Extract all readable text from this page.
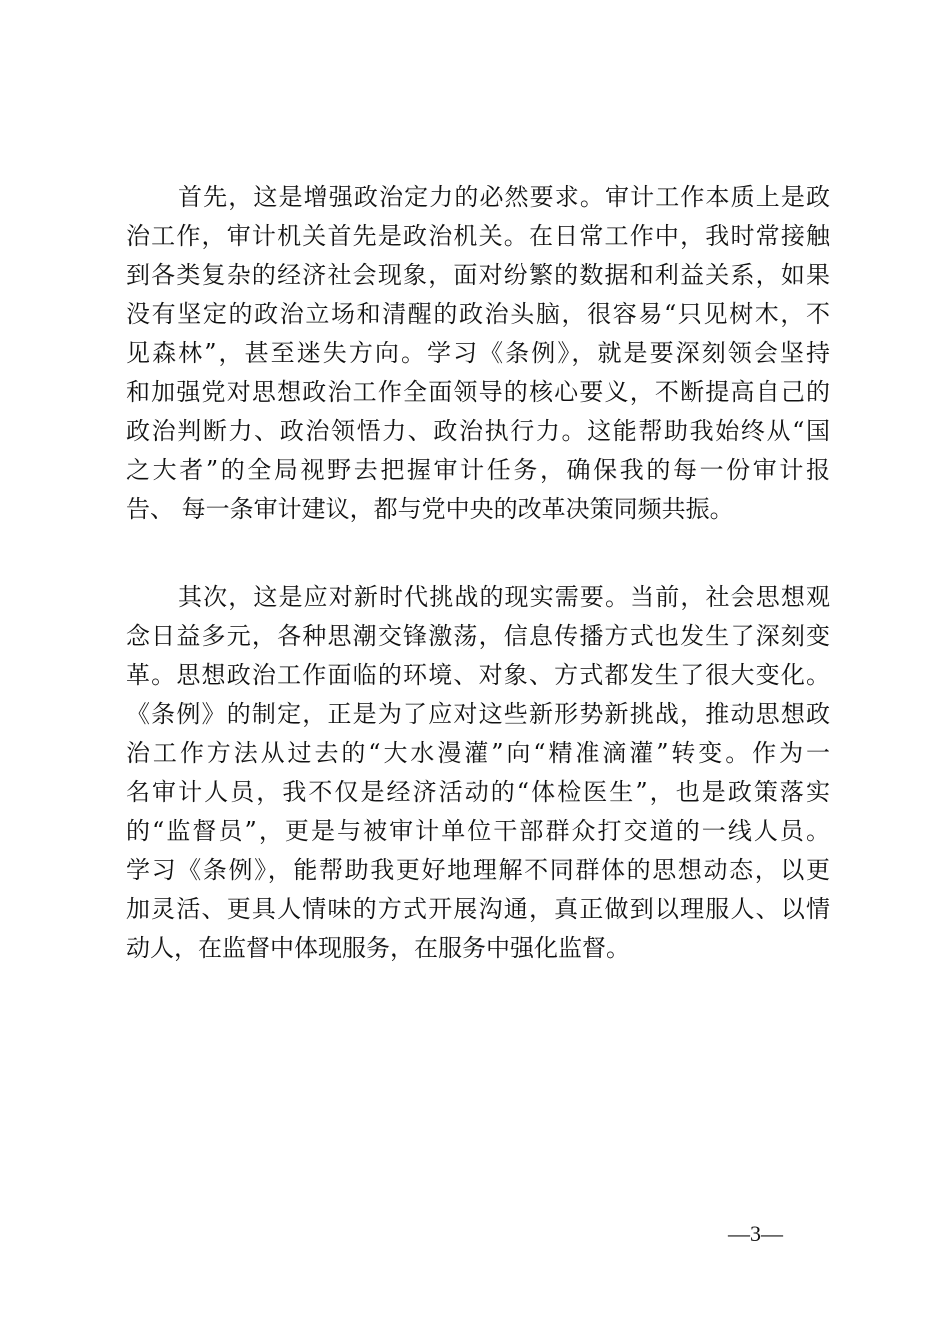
首先，这是增强政治定力的必然要求。审计工作本质上是政
治工作，审计机关首先是政治机关。在日常工作中，我时常接触
到各类复杂的经济社会现象，面对纷繁的数据和利益关系，如果
没有坚定的政治立场和清醒的政治头脑，很容易“只见树木，不
见森林”，甚至迷失方向。学习《条例》，就是要深刻领会坚持
和加强党对思想政治工作全面领导的核心要义，不断提高自己的
政治判断力、政治领悟力、政治执行力。这能帮助我始终从“国
之大者”的全局视野去把握审计任务，确保我的每一份审计报
告、 每一条审计建议，都与党中央的改革决策同频共振。
其次，这是应对新时代挑战的现实需要。当前，社会思想观
念日益多元，各种思潮交锋激荡，信息传播方式也发生了深刻变
革。思想政治工作面临的环境、对象、方式都发生了很大变化。
《条例》的制定，正是为了应对这些新形势新挑战，推动思想政
治工作方法从过去的“大水漫灌”向“精准滴灌”转变。作为一
名审计人员，我不仅是经济活动的“体检医生”，也是政策落实
的“监督员”，更是与被审计单位干部群众打交道的一线人员。
学习《条例》，能帮助我更好地理解不同群体的思想动态，以更
加灵活、更具人情味的方式开展沟通，真正做到以理服人、以情
动人，在监督中体现服务，在服务中强化监督。
—3—
